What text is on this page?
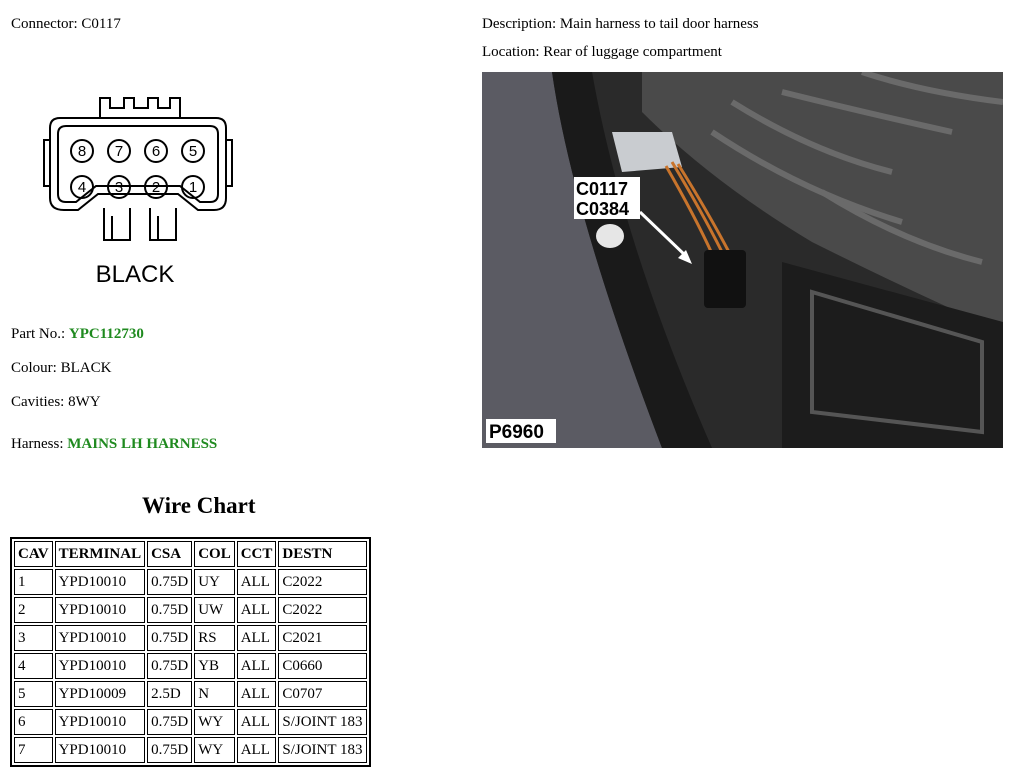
Connector: C0117	Description: Main harness to tail door harness
Location: Rear of luggage compartment
8 7 6 5
4 3 2 1
BLACK
C0117
C0384
P6960
Part No.: YPC112730
Colour: BLACK
Cavities: 8WY
Harness: MAINS LH HARNESS
Wire Chart
CAV	TERMINAL	CSA	COL	CCT	DESTN
1	YPD10010	0.75D	UY	ALL	C2022
2	YPD10010	0.75D	UW	ALL	C2022
3	YPD10010	0.75D	RS	ALL	C2021
4	YPD10010	0.75D	YB	ALL	C0660
5	YPD10009	2.5D	N	ALL	C0707
6	YPD10010	0.75D	WY	ALL	S/JOINT 183
7	YPD10010	0.75D	WY	ALL	S/JOINT 183
